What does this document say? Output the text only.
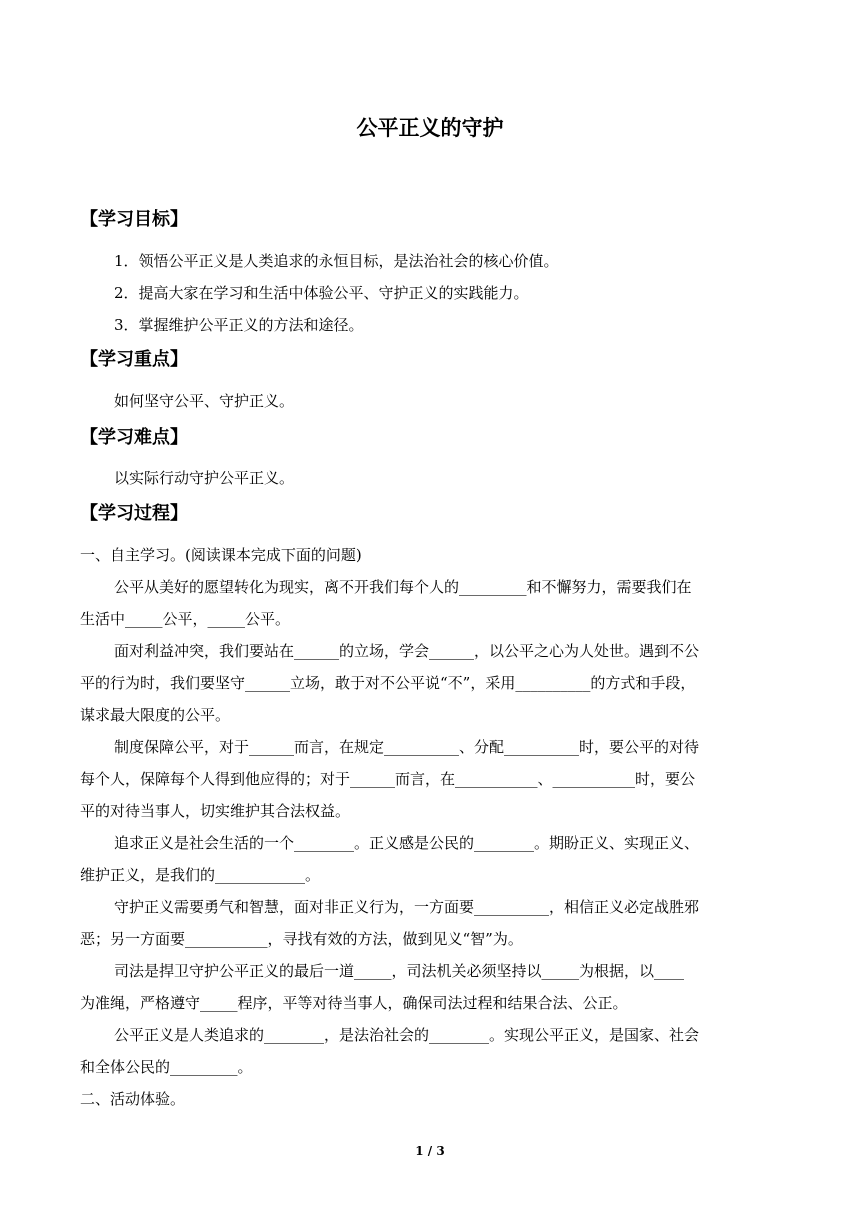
公平正义的守护
【学习目标】
1．领悟公平正义是人类追求的永恒目标，是法治社会的核心价值。
2．提高大家在学习和生活中体验公平、守护正义的实践能力。
3．掌握维护公平正义的方法和途径。
【学习重点】
如何坚守公平、守护正义。
【学习难点】
以实际行动守护公平正义。
【学习过程】
一、自主学习。(阅读课本完成下面的问题)
公平从美好的愿望转化为现实，离不开我们每个人的_________和不懈努力，需要我们在
生活中_____公平，_____公平。
面对利益冲突，我们要站在______的立场，学会______，以公平之心为人处世。遇到不公
平的行为时，我们要坚守______立场，敢于对不公平说“不”，采用__________的方式和手段，
谋求最大限度的公平。
制度保障公平，对于______而言，在规定__________、分配__________时，要公平的对待
每个人，保障每个人得到他应得的；对于______而言，在___________、___________时，要公
平的对待当事人，切实维护其合法权益。
追求正义是社会生活的一个________。正义感是公民的________。期盼正义、实现正义、
维护正义，是我们的____________。
守护正义需要勇气和智慧，面对非正义行为，一方面要__________，相信正义必定战胜邪
恶；另一方面要___________，寻找有效的方法，做到见义“智”为。
司法是捍卫守护公平正义的最后一道_____，司法机关必须坚持以_____为根据，以____
为准绳，严格遵守_____程序，平等对待当事人，确保司法过程和结果合法、公正。
公平正义是人类追求的________，是法治社会的________。实现公平正义，是国家、社会
和全体公民的_________。
二、活动体验。
1 / 3
